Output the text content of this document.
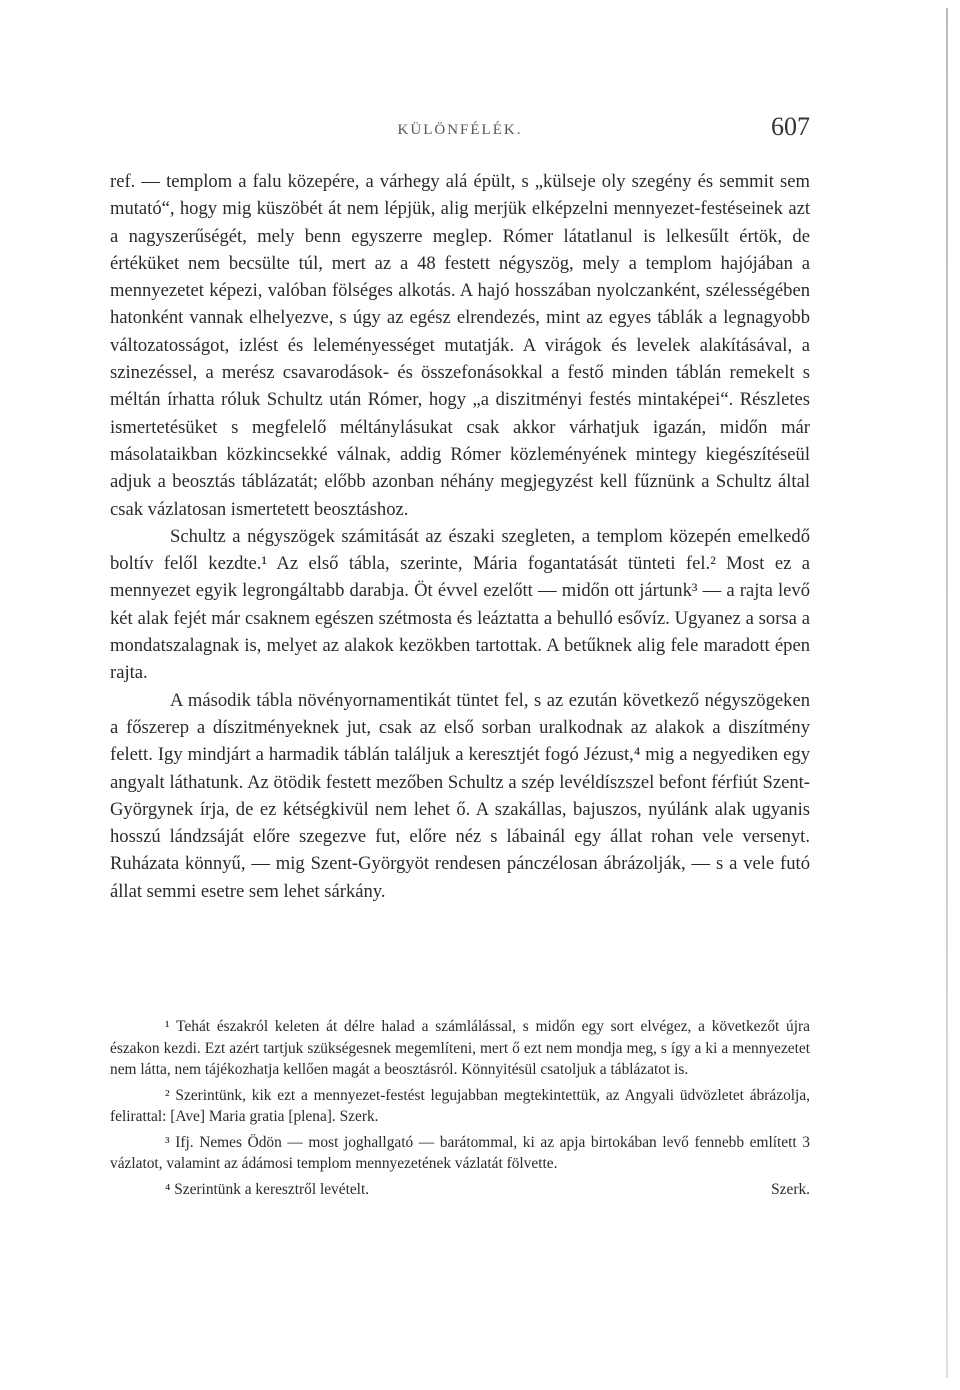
KÜLÖNFÉLÉK.	607

ref. — templom a falu közepére, a várhegy alá épült, s „külseje oly szegény és semmit sem mutató“, hogy mig küszöbét át nem lépjük, alig merjük elképzelni mennyezet-festéseinek azt a nagyszerűségét, mely benn egyszerre meglep. Rómer látatlanul is lelkesűlt értök, de értéküket nem becsülte túl, mert az a 48 festett négyszög, mely a templom hajójában a mennyezetet képezi, valóban fölséges alkotás. A hajó hosszában nyolczanként, szélességében hatonként vannak elhelyezve, s úgy az egész elrendezés, mint az egyes táblák a legnagyobb változatosságot, izlést és leleményességet mutatják. A virágok és levelek alakításával, a szinezéssel, a merész csavarodások- és összefonásokkal a festő minden táblán remekelt s méltán írhatta róluk Schultz után Rómer, hogy „a diszitményi festés mintaképei“. Részletes ismertetésüket s megfelelő méltánylásukat csak akkor várhatjuk igazán, midőn már másolataikban közkincsekké válnak, addig Rómer közleményének mintegy kiegészítéseül adjuk a beosztás táblázatát; előbb azonban néhány megjegyzést kell fűznünk a Schultz által csak vázlatosan ismertetett beosztáshoz.

Schultz a négyszögek számitását az északi szegleten, a templom közepén emelkedő boltív felől kezdte.¹ Az első tábla, szerinte, Mária fogantatását tünteti fel.² Most ez a mennyezet egyik legrongáltabb darabja. Öt évvel ezelőtt — midőn ott jártunk³ — a rajta levő két alak fejét már csaknem egészen szétmosta és leáztatta a behulló esővíz. Ugyanez a sorsa a mondatszalagnak is, melyet az alakok kezökben tartottak. A betűknek alig fele maradott épen rajta.

A második tábla növényornamentikát tüntet fel, s az ezután következő négyszögeken a főszerep a díszitményeknek jut, csak az első sorban uralkodnak az alakok a diszítmény felett. Igy mindjárt a harmadik táblán találjuk a keresztjét fogó Jézust,⁴ mig a negyediken egy angyalt láthatunk. Az ötödik festett mezőben Schultz a szép levéldíszszel befont férfiút Szent-Györgynek írja, de ez kétségkivül nem lehet ő. A szakállas, bajuszos, nyúlánk alak ugyanis hosszú lándzsáját előre szegezve fut, előre néz s lábainál egy állat rohan vele versenyt. Ruházata könnyű, — mig Szent-Györgyöt rendesen pánczélosan ábrázolják, — s a vele futó állat semmi esetre sem lehet sárkány.

¹ Tehát északról keleten át délre halad a számlálással, s midőn egy sort elvégez, a következőt újra északon kezdi. Ezt azért tartjuk szükségesnek megemlíteni, mert ő ezt nem mondja meg, s így a ki a mennyezetet nem látta, nem tájékozhatja kellően magát a beosztásról. Könnyitésül csatoljuk a táblázatot is.

² Szerintünk, kik ezt a mennyezet-festést legujabban megtekintettük, az Angyali üdvözletet ábrázolja, felirattal: [Ave] Maria gratia [plena]. Szerk.

³ Ifj. Nemes Ödön — most joghallgató — barátommal, ki az apja birtokában levő fennebb említett 3 vázlatot, valamint az ádámosi templom mennyezetének vázlatát fölvette.

⁴ Szerintünk a keresztről levételt.	Szerk.
